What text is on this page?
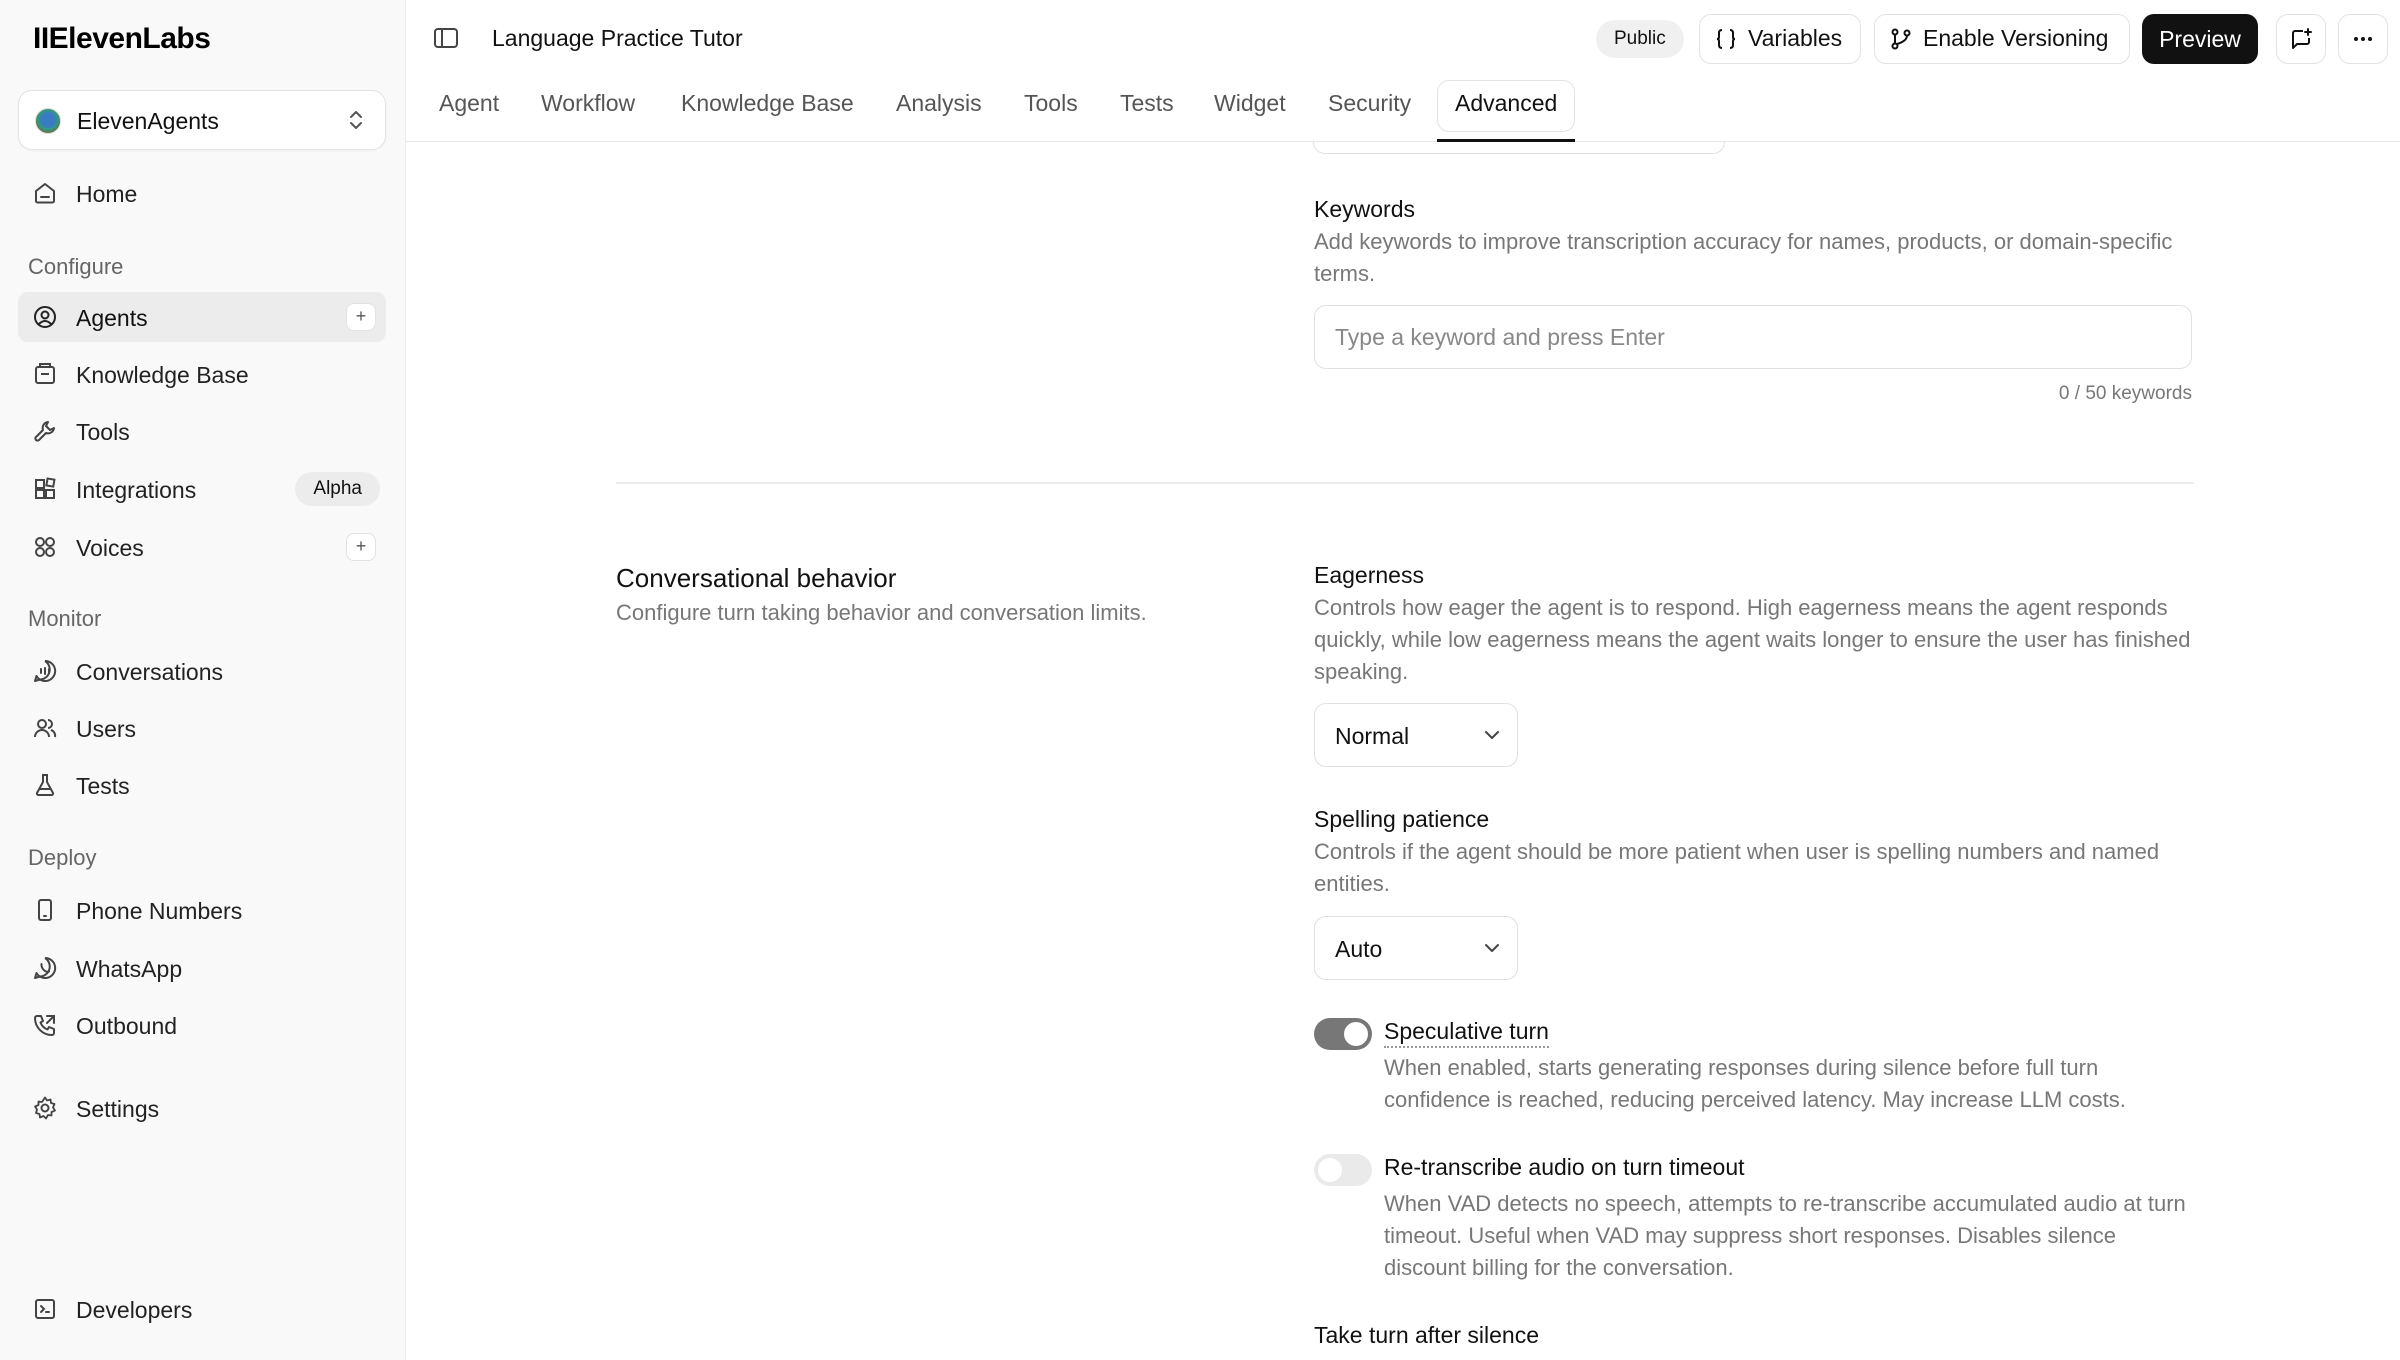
IIElevenLabs
ElevenAgents
Home
Configure
Agents	+
Knowledge Base
Tools
Integrations	Alpha
Voices	+
Monitor
Conversations
Users
Tests
Deploy
Phone Numbers
WhatsApp
Outbound
Settings
Developers
Language Practice Tutor	Public	Variables	Enable Versioning	Preview
Agent Workflow Knowledge Base Analysis Tools Tests Widget Security Advanced
Keywords
Add keywords to improve transcription accuracy for names, products, or domain-specific terms.
Type a keyword and press Enter
0 / 50 keywords
Conversational behavior
Configure turn taking behavior and conversation limits.
Eagerness
Controls how eager the agent is to respond. High eagerness means the agent responds quickly, while low eagerness means the agent waits longer to ensure the user has finished speaking.
Normal
Spelling patience
Controls if the agent should be more patient when user is spelling numbers and named entities.
Auto
Speculative turn
When enabled, starts generating responses during silence before full turn confidence is reached, reducing perceived latency. May increase LLM costs.
Re-transcribe audio on turn timeout
When VAD detects no speech, attempts to re-transcribe accumulated audio at turn timeout. Useful when VAD may suppress short responses. Disables silence discount billing for the conversation.
Take turn after silence
